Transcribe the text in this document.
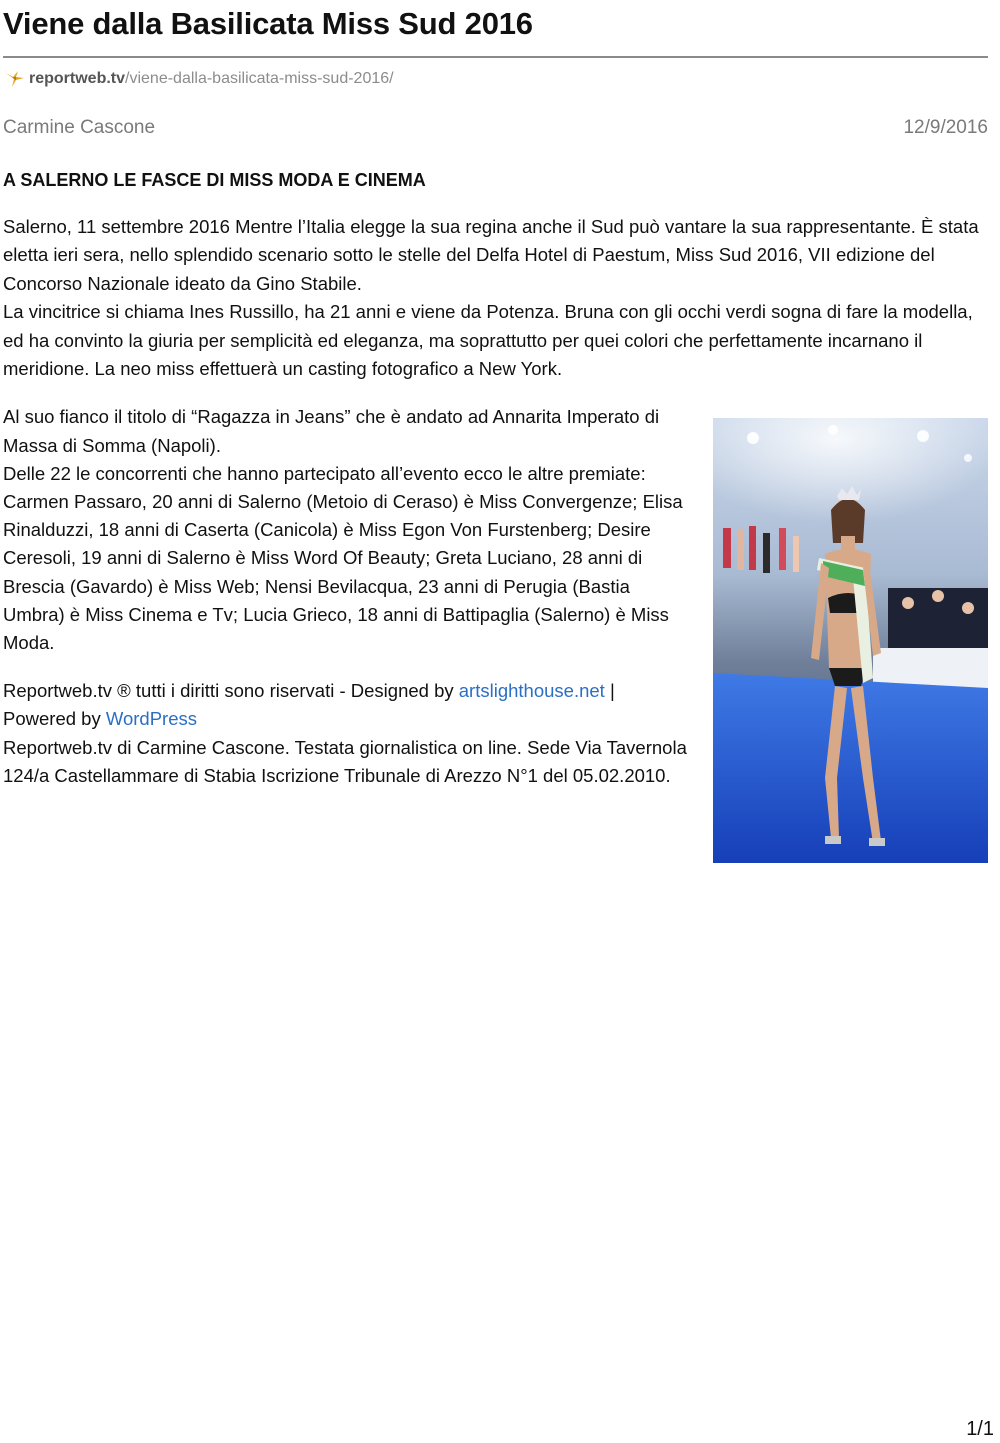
Viene dalla Basilicata Miss Sud 2016
reportweb.tv /viene-dalla-basilicata-miss-sud-2016/
Carmine Cascone	12/9/2016
A SALERNO LE FASCE DI MISS MODA E CINEMA

Salerno, 11 settembre 2016 Mentre l’Italia elegge la sua regina anche il Sud può vantare la sua rappresentante. È stata eletta ieri sera, nello splendido scenario sotto le stelle del Delfa Hotel di Paestum, Miss Sud 2016, VII edizione del Concorso Nazionale ideato da Gino Stabile.

La vincitrice si chiama Ines Russillo, ha 21 anni e viene da Potenza. Bruna con gli occhi verdi sogna di fare la modella, ed ha convinto la giuria per semplicità ed eleganza, ma soprattutto per quei colori che perfettamente incarnano il meridione. La neo miss effettuerà un casting fotografico a New York.

Al suo fianco il titolo di “Ragazza in Jeans” che è andato ad Annarita Imperato di Massa di Somma (Napoli).

Delle 22 le concorrenti che hanno partecipato all’evento ecco le altre premiate: Carmen Passaro, 20 anni di Salerno (Metoio di Ceraso) è Miss Convergenze; Elisa Rinalduzzi, 18 anni di Caserta (Canicola) è Miss Egon Von Furstenberg; Desire Ceresoli, 19 anni di Salerno è Miss Word Of Beauty; Greta Luciano, 28 anni di Brescia (Gavardo) è Miss Web; Nensi Bevilacqua, 23 anni di Perugia (Bastia Umbra) è Miss Cinema e Tv; Lucia Grieco, 18 anni di Battipaglia (Salerno) è Miss Moda.

Reportweb.tv ® tutti i diritti sono riservati - Designed by artslighthouse.net |
Powered by WordPress

Reportweb.tv di Carmine Cascone. Testata giornalistica on line. Sede Via Tavernola 124/a Castellammare di Stabia Iscrizione Tribunale di Arezzo N°1 del 05.02.2010.

1/1
